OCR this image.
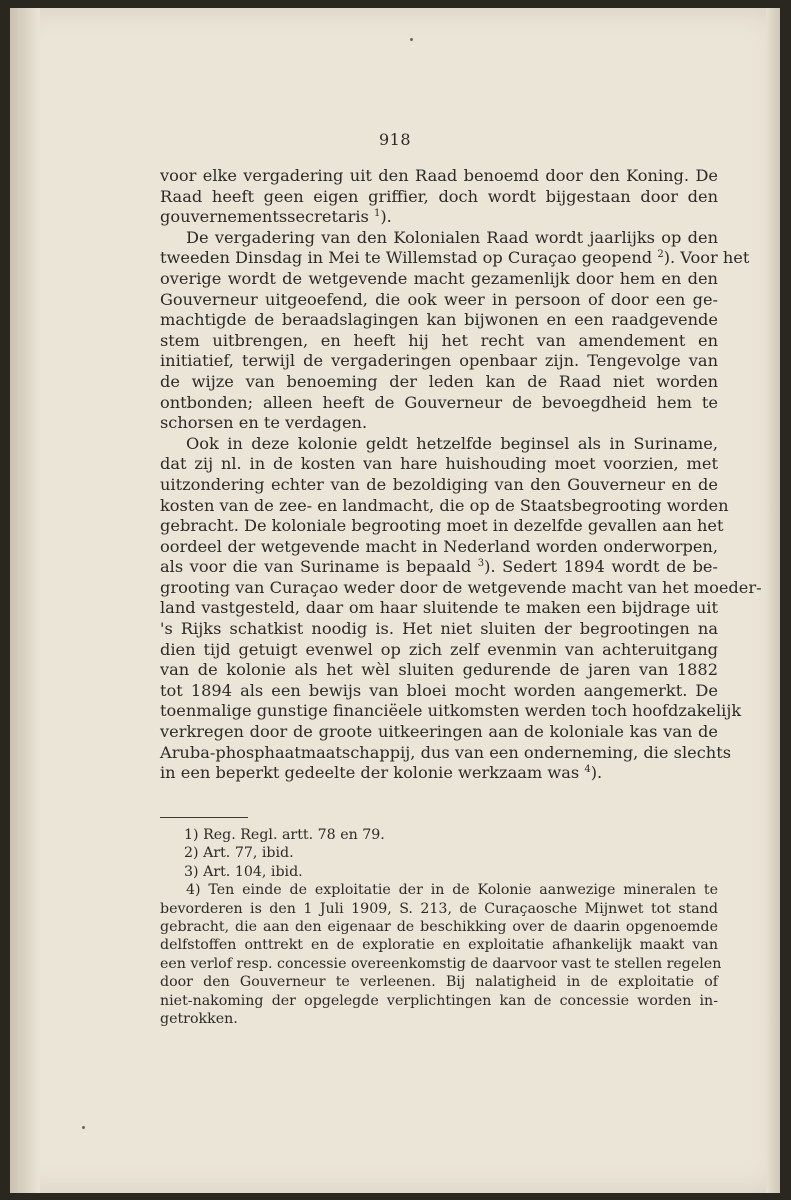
918
voor elke vergadering uit den Raad benoemd door den Koning. De
Raad heeft geen eigen griffier, doch wordt bijgestaan door den
gouvernementssecretaris $^1$).
De vergadering van den Kolonialen Raad wordt jaarlijks op den
tweeden Dinsdag in Mei te Willemstad op Curaçao geopend $^2$). Voor het
overige wordt de wetgevende macht gezamenlijk door hem en den
Gouverneur uitgeoefend, die ook weer in persoon of door een ge-
machtigde de beraadslagingen kan bijwonen en een raadgevende
stem uitbrengen, en heeft hij het recht van amendement en
initiatief, terwijl de vergaderingen openbaar zijn. Tengevolge van
de wijze van benoeming der leden kan de Raad niet worden
ontbonden; alleen heeft de Gouverneur de bevoegdheid hem te
schorsen en te verdagen.
Ook in deze kolonie geldt hetzelfde beginsel als in Suriname,
dat zij nl. in de kosten van hare huishouding moet voorzien, met
uitzondering echter van de bezoldiging van den Gouverneur en de
kosten van de zee- en landmacht, die op de Staatsbegrooting worden
gebracht. De koloniale begrooting moet in dezelfde gevallen aan het
oordeel der wetgevende macht in Nederland worden onderworpen,
als voor die van Suriname is bepaald $^3$). Sedert 1894 wordt de be-
grooting van Curaçao weder door de wetgevende macht van het moeder-
land vastgesteld, daar om haar sluitende te maken een bijdrage uit
's Rijks schatkist noodig is. Het niet sluiten der begrootingen na
dien tijd getuigt evenwel op zich zelf evenmin van achteruitgang
van de kolonie als het wèl sluiten gedurende de jaren van 1882
tot 1894 als een bewijs van bloei mocht worden aangemerkt. De
toenmalige gunstige financiëele uitkomsten werden toch hoofdzakelijk
verkregen door de groote uitkeeringen aan de koloniale kas van de
Aruba-phosphaatmaatschappij, dus van een onderneming, die slechts
in een beperkt gedeelte der kolonie werkzaam was $^4$).
1) Reg. Regl. artt. 78 en 79.
2) Art. 77, ibid.
3) Art. 104, ibid.
4) Ten einde de exploitatie der in de Kolonie aanwezige mineralen te
bevorderen is den 1 Juli 1909, S. 213, de Curaçaosche Mijnwet tot stand
gebracht, die aan den eigenaar de beschikking over de daarin opgenoemde
delfstoffen onttrekt en de exploratie en exploitatie afhankelijk maakt van
een verlof resp. concessie overeenkomstig de daarvoor vast te stellen regelen
door den Gouverneur te verleenen. Bij nalatigheid in de exploitatie of
niet-nakoming der opgelegde verplichtingen kan de concessie worden in-
getrokken.
